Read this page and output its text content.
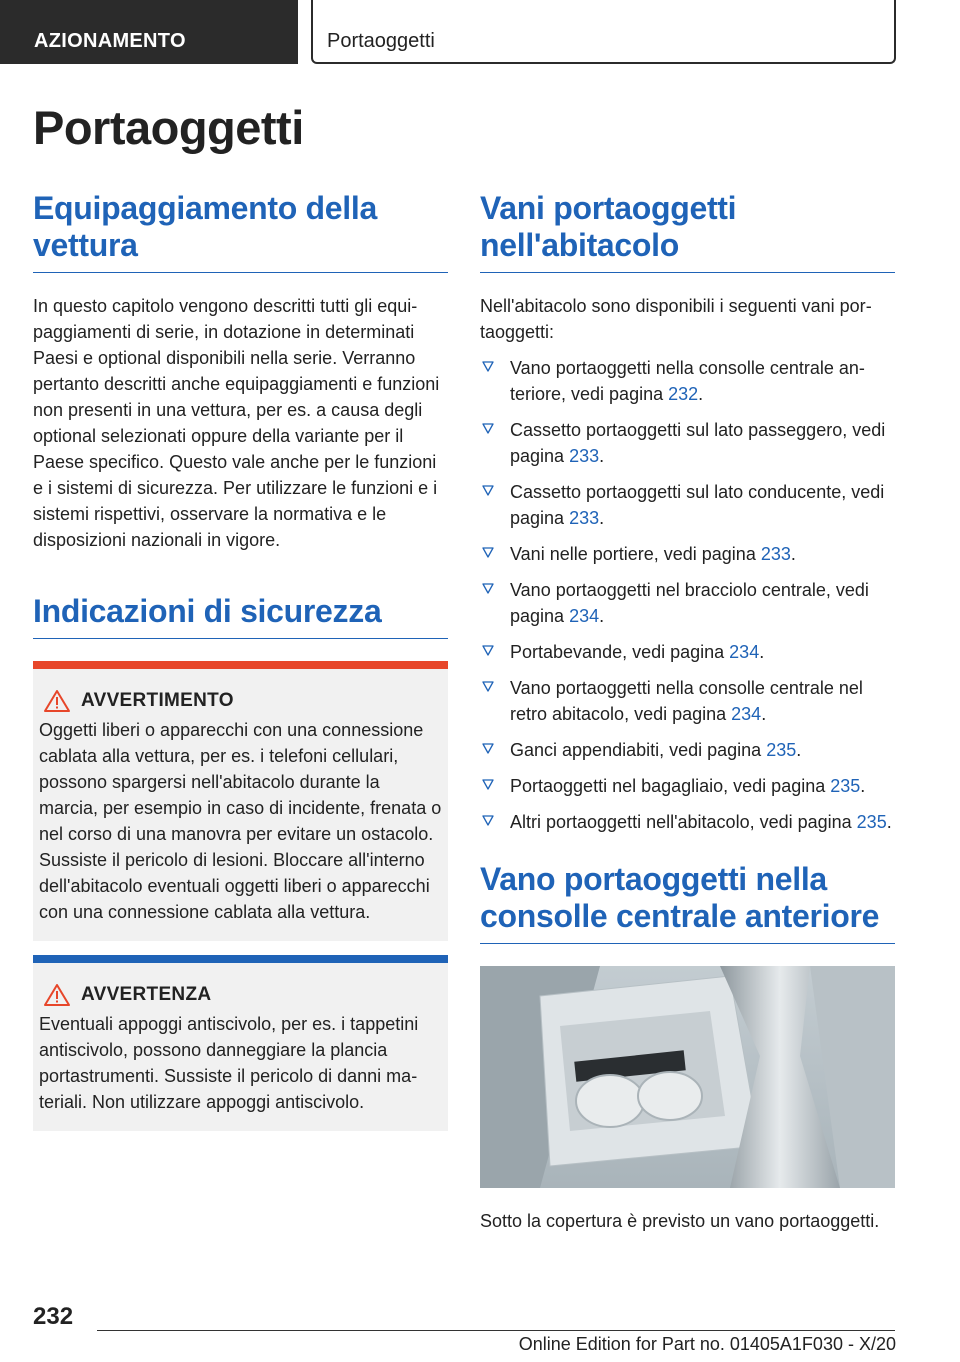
AZIONAMENTO	Portaoggetti
Portaoggetti
Equipaggiamento della vettura

In questo capitolo vengono descritti tutti gli equipaggiamenti di serie, in dotazione in determinati Paesi e optional disponibili nella serie. Verranno pertanto descritti anche equipaggiamenti e funzioni non presenti in una vettura, per es. a causa degli optional selezionati oppure della variante per il Paese specifico. Questo vale anche per le funzioni e i sistemi di sicurezza. Per utilizzare le funzioni e i sistemi rispettivi, osservare la normativa e le disposizioni nazionali in vigore.

Indicazioni di sicurezza
AVVERTIMENTO

Oggetti liberi o apparecchi con una connessione cablata alla vettura, per es. i telefoni cellulari, possono spargersi nell'abitacolo durante la marcia, per esempio in caso di incidente, frenata o nel corso di una manovra per evitare un ostacolo. Sussiste il pericolo di lesioni. Bloccare all'interno dell'abitacolo eventuali oggetti liberi o apparecchi con una connessione cablata alla vettura.

AVVERTENZA

Eventuali appoggi antiscivolo, per es. i tappetini antiscivolo, possono danneggiare la plancia portastrumenti. Sussiste il pericolo di danni materiali. Non utilizzare appoggi antiscivolo.

Vani portaoggetti nell'abitacolo

Nell'abitacolo sono disponibili i seguenti vani portaoggetti:

Vano portaoggetti nella consolle centrale anteriore, vedi pagina 232.
Cassetto portaoggetti sul lato passeggero, vedi pagina 233.
Cassetto portaoggetti sul lato conducente, vedi pagina 233.
Vani nelle portiere, vedi pagina 233.
Vano portaoggetti nel bracciolo centrale, vedi pagina 234.
Portabevande, vedi pagina 234.
Vano portaoggetti nella consolle centrale nel retro abitacolo, vedi pagina 234.
Ganci appendiabiti, vedi pagina 235.
Portaoggetti nel bagagliaio, vedi pagina 235.
Altri portaoggetti nell'abitacolo, vedi pagina 235.
Vano portaoggetti nella consolle centrale anteriore

Sotto la copertura è previsto un vano portaoggetti.

232
Online Edition for Part no. 01405A1F030 - X/20
